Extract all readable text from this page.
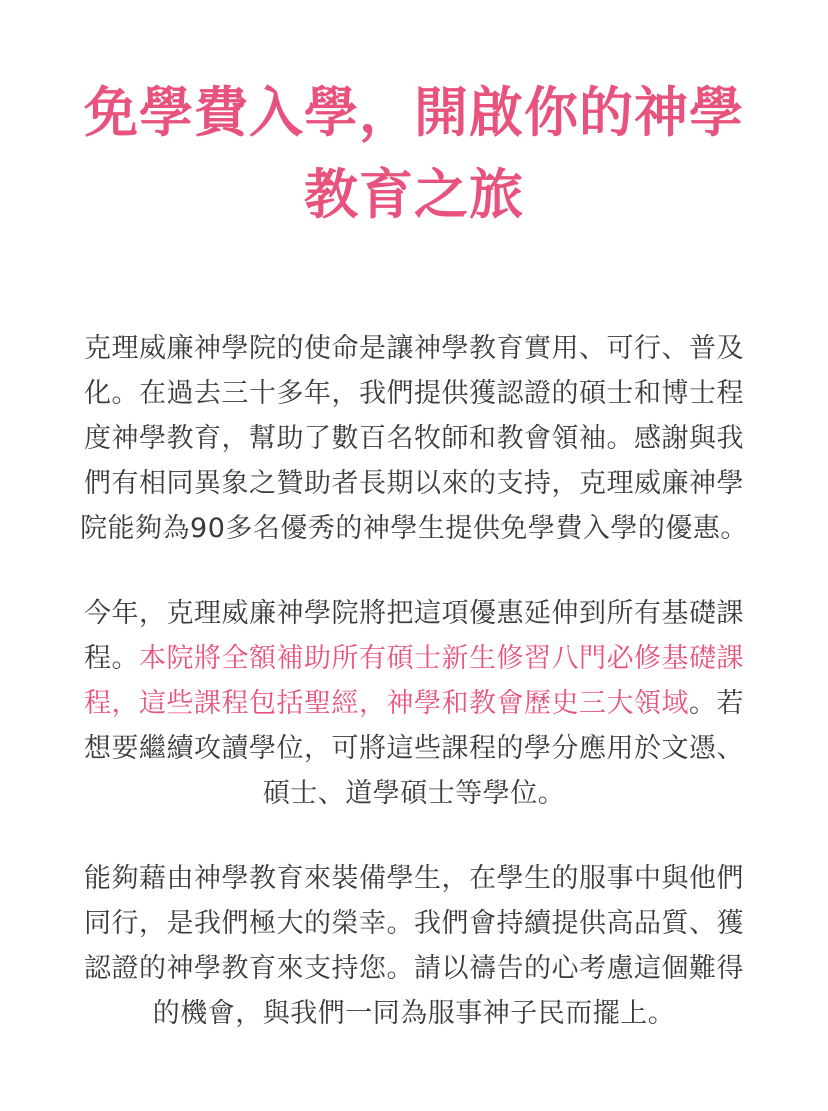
免學費入學，開啟你的神學教育之旅

克理威廉神學院的使命是讓神學教育實用、可行、普及化。在過去三十多年，我們提供獲認證的碩士和博士程度神學教育，幫助了數百名牧師和教會領袖。感謝與我們有相同異象之贊助者長期以來的支持，克理威廉神學院能夠為90多名優秀的神學生提供免學費入學的優惠。

今年，克理威廉神學院將把這項優惠延伸到所有基礎課程。本院將全額補助所有碩士新生修習八門必修基礎課程，這些課程包括聖經，神學和教會歷史三大領域。若想要繼續攻讀學位，可將這些課程的學分應用於文憑、碩士、道學碩士等學位。

能夠藉由神學教育來裝備學生，在學生的服事中與他們同行，是我們極大的榮幸。我們會持續提供高品質、獲認證的神學教育來支持您。請以禱告的心考慮這個難得的機會，與我們一同為服事神子民而擺上。
